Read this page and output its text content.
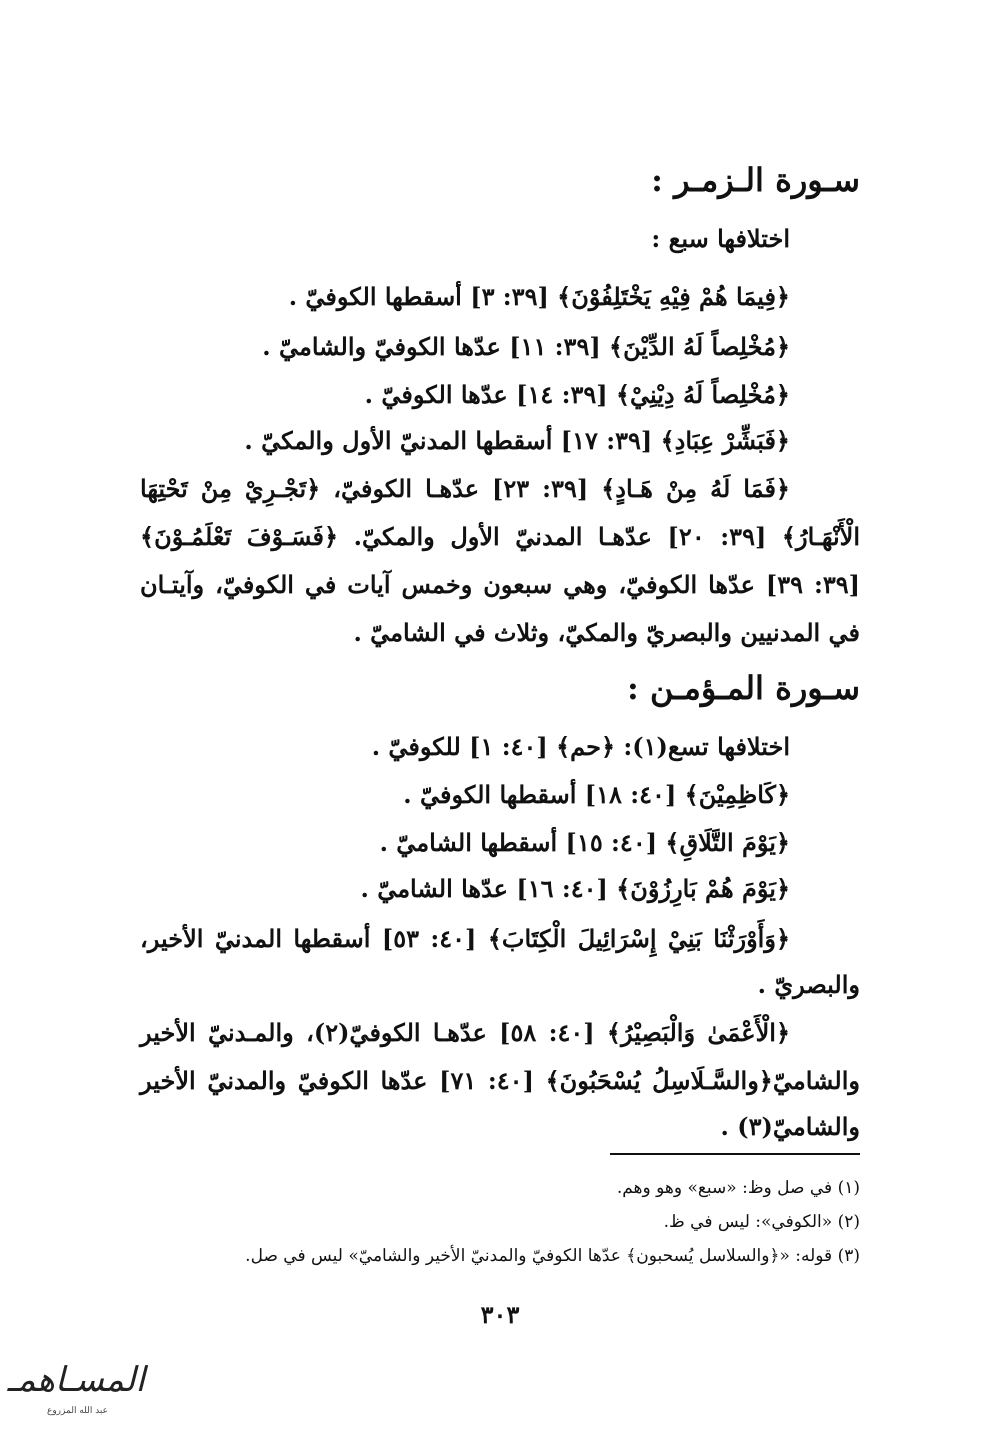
سـورة الـزمـر :
اختلافها سبع :
﴿فِيمَا هُمْ فِيْهِ يَخْتَلِفُوْنَ﴾ [٣٩: ٣] أسقطها الكوفيّ .
﴿مُخْلِصاً لَهُ الدِّيْنَ﴾ [٣٩: ١١] عدّها الكوفيّ والشاميّ .
﴿مُخْلِصاً لَهُ دِيْنِيْ﴾ [٣٩: ١٤] عدّها الكوفيّ .
﴿فَبَشِّرْ عِبَادِ﴾ [٣٩: ١٧] أسقطها المدنيّ الأول والمكيّ .
﴿فَمَا لَهُ مِنْ هَـادٍ﴾ [٣٩: ٢٣] عدّهـا الكوفيّ، ﴿تَجْـرِيْ مِنْ تَحْتِهَا
الْأَنْهَـارُ﴾ [٣٩: ٢٠] عدّهـا المدنيّ الأول والمكيّ. ﴿فَسَـوْفَ تَعْلَمُـوْنَ﴾
[٣٩: ٣٩] عدّها الكوفيّ، وهي سبعون وخمس آيات في الكوفيّ، وآيتـان
في المدنيين والبصريّ والمكيّ، وثلاث في الشاميّ .
سـورة المـؤمـن :
اختلافها تسع(١): ﴿حم﴾ [٤٠: ١] للكوفيّ .
﴿كَاظِمِيْنَ﴾ [٤٠: ١٨] أسقطها الكوفيّ .
﴿يَوْمَ التَّلَاقِ﴾ [٤٠: ١٥] أسقطها الشاميّ .
﴿يَوْمَ هُمْ بَارِزُوْنَ﴾ [٤٠: ١٦] عدّها الشاميّ .
﴿وَأَوْرَثْنَا بَنِيْ إِسْرَائِيلَ الْكِتَابَ﴾ [٤٠: ٥٣] أسقطها المدنيّ الأخير،
والبصريّ .
﴿الْأَعْمَىٰ وَالْبَصِيْرُ﴾ [٤٠: ٥٨] عدّهـا الكوفيّ(٢)، والمـدنيّ الأخير
والشاميّ﴿والسَّـلَاسِلُ يُسْحَبُونَ﴾ [٤٠: ٧١] عدّها الكوفيّ والمدنيّ الأخير
والشاميّ(٣) .
(١) في صل وظ: «سبع» وهو وهم.
(٢) «الكوفي»: ليس في ظ.
(٣) قوله: «﴿والسلاسل يُسحبون﴾ عدّها الكوفيّ والمدنيّ الأخير والشاميّ» ليس في صل.
٣٠٣
المسـاهمـ
عبد الله المزروع
